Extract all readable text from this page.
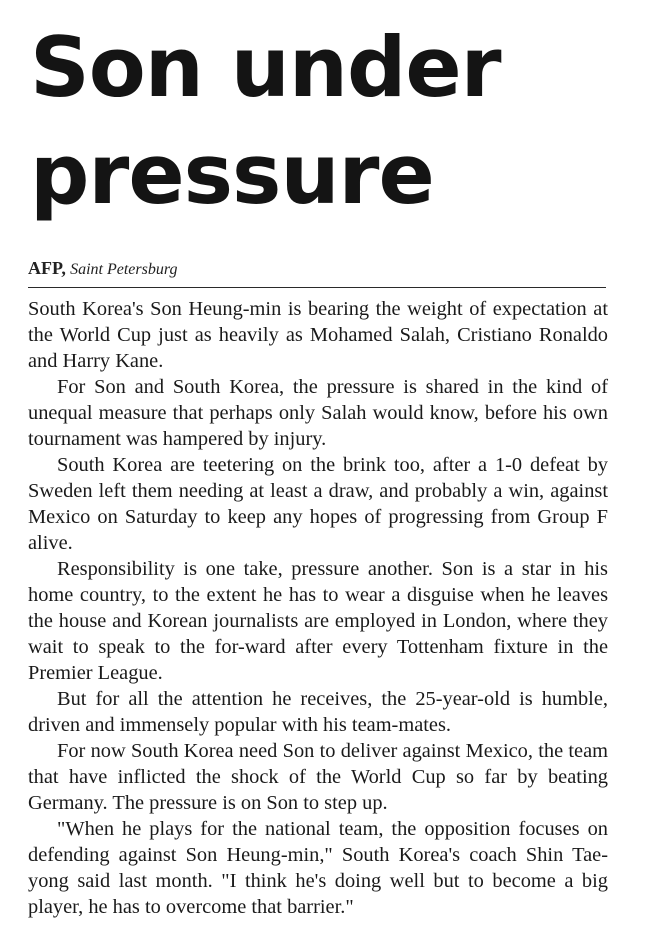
Son under pressure
AFP, Saint Petersburg

South Korea's Son Heung-min is bearing the weight of expectation at the World Cup just as heavily as Mohamed Salah, Cristiano Ronaldo and Harry Kane.

For Son and South Korea, the pressure is shared in the kind of unequal measure that perhaps only Salah would know, before his own tournament was hampered by injury.

South Korea are teetering on the brink too, after a 1-0 defeat by Sweden left them needing at least a draw, and probably a win, against Mexico on Saturday to keep any hopes of progressing from Group F alive.

Responsibility is one take, pressure another. Son is a star in his home country, to the extent he has to wear a disguise when he leaves the house and Korean journalists are employed in London, where they wait to speak to the for-ward after every Tottenham fixture in the Premier League.

But for all the attention he receives, the 25-year-old is humble, driven and immensely popular with his team-mates.

For now South Korea need Son to deliver against Mexico, the team that have inflicted the shock of the World Cup so far by beating Germany. The pressure is on Son to step up.

"When he plays for the national team, the opposition focuses on defending against Son Heung-min," South Korea's coach Shin Tae-yong said last month. "I think he's doing well but to become a big player, he has to overcome that barrier."
